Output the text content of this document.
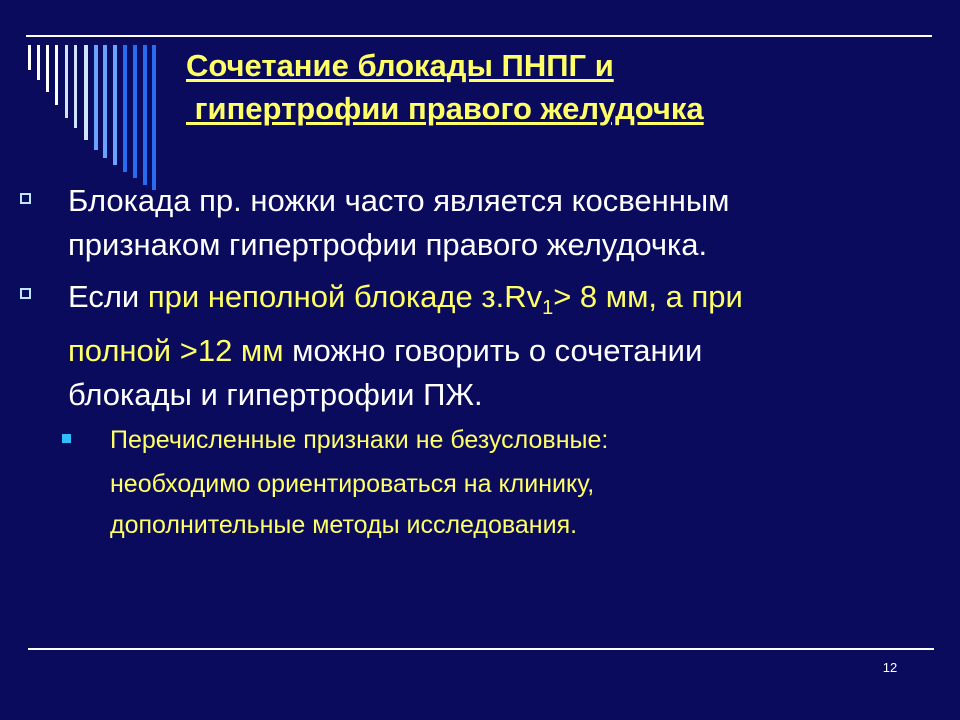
Сочетание блокады ПНПГ и
гипертрофии правого желудочка
Блокада пр. ножки часто является косвенным
признаком гипертрофии правого желудочка.
Если при неполной блокаде $з.Rv_1> 8$ мм, а при
полной >12 мм можно говорить о сочетании
блокады и гипертрофии ПЖ.
Перечисленные признаки не безусловные:
необходимо ориентироваться на клинику,
дополнительные методы исследования.
12
